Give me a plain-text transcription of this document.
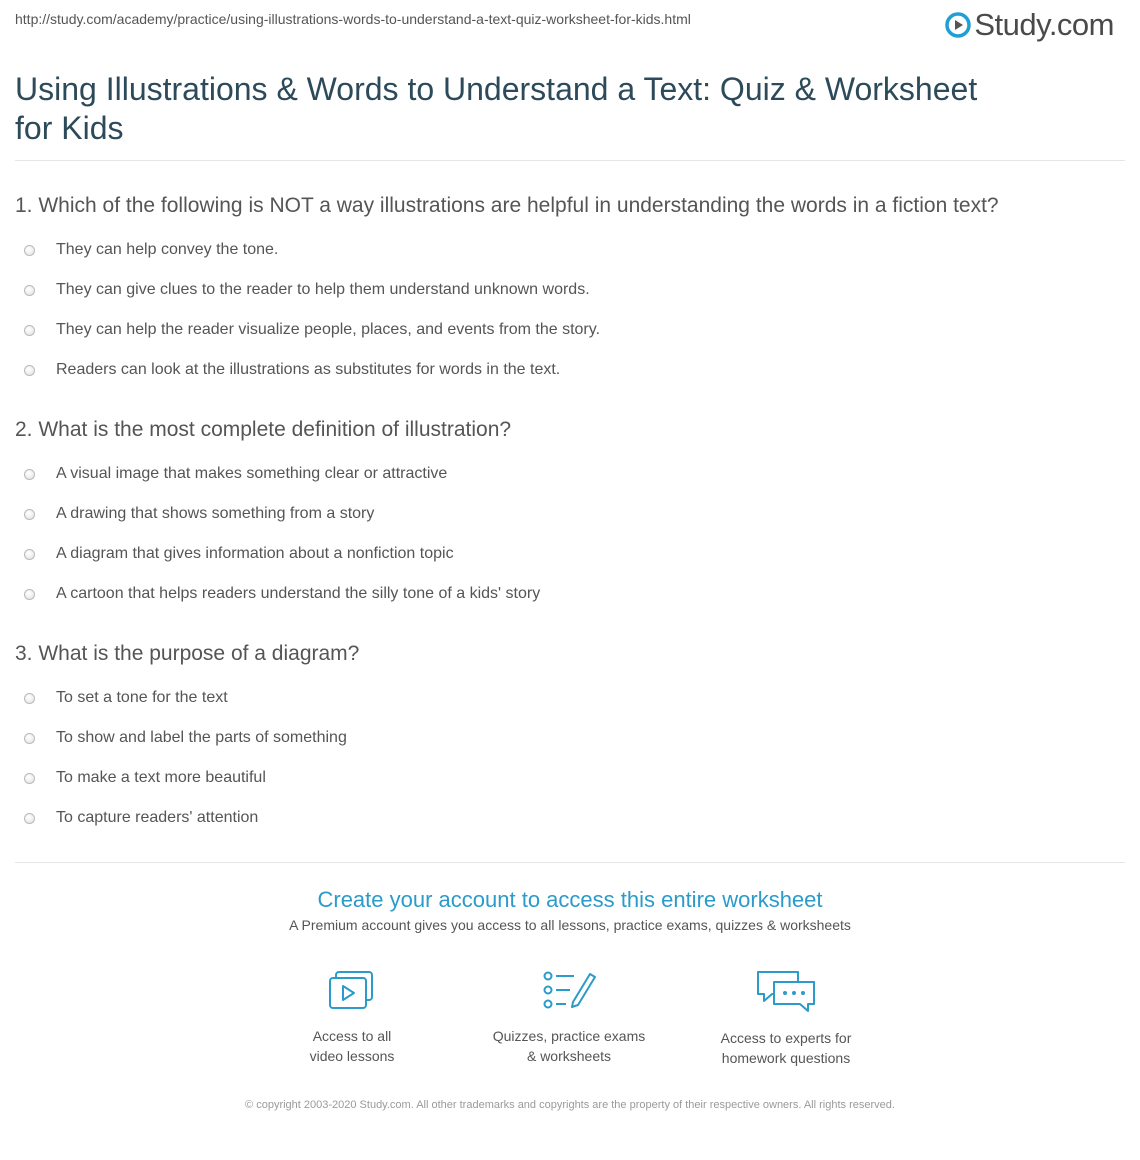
http://study.com/academy/practice/using-illustrations-words-to-understand-a-text-quiz-worksheet-for-kids.html	Study.com
Using Illustrations & Words to Understand a Text: Quiz & Worksheet for Kids

1. Which of the following is NOT a way illustrations are helpful in understanding the words in a fiction text?

They can help convey the tone.
They can give clues to the reader to help them understand unknown words.
They can help the reader visualize people, places, and events from the story.
Readers can look at the illustrations as substitutes for words in the text.

2. What is the most complete definition of illustration?

A visual image that makes something clear or attractive
A drawing that shows something from a story
A diagram that gives information about a nonfiction topic
A cartoon that helps readers understand the silly tone of a kids' story

3. What is the purpose of a diagram?

To set a tone for the text
To show and label the parts of something
To make a text more beautiful
To capture readers' attention

Create your account to access this entire worksheet

A Premium account gives you access to all lessons, practice exams, quizzes & worksheets
Access to all
video lessons
Quizzes, practice exams
& worksheets
Access to experts for
homework questions
© copyright 2003-2020 Study.com. All other trademarks and copyrights are the property of their respective owners. All rights reserved.
